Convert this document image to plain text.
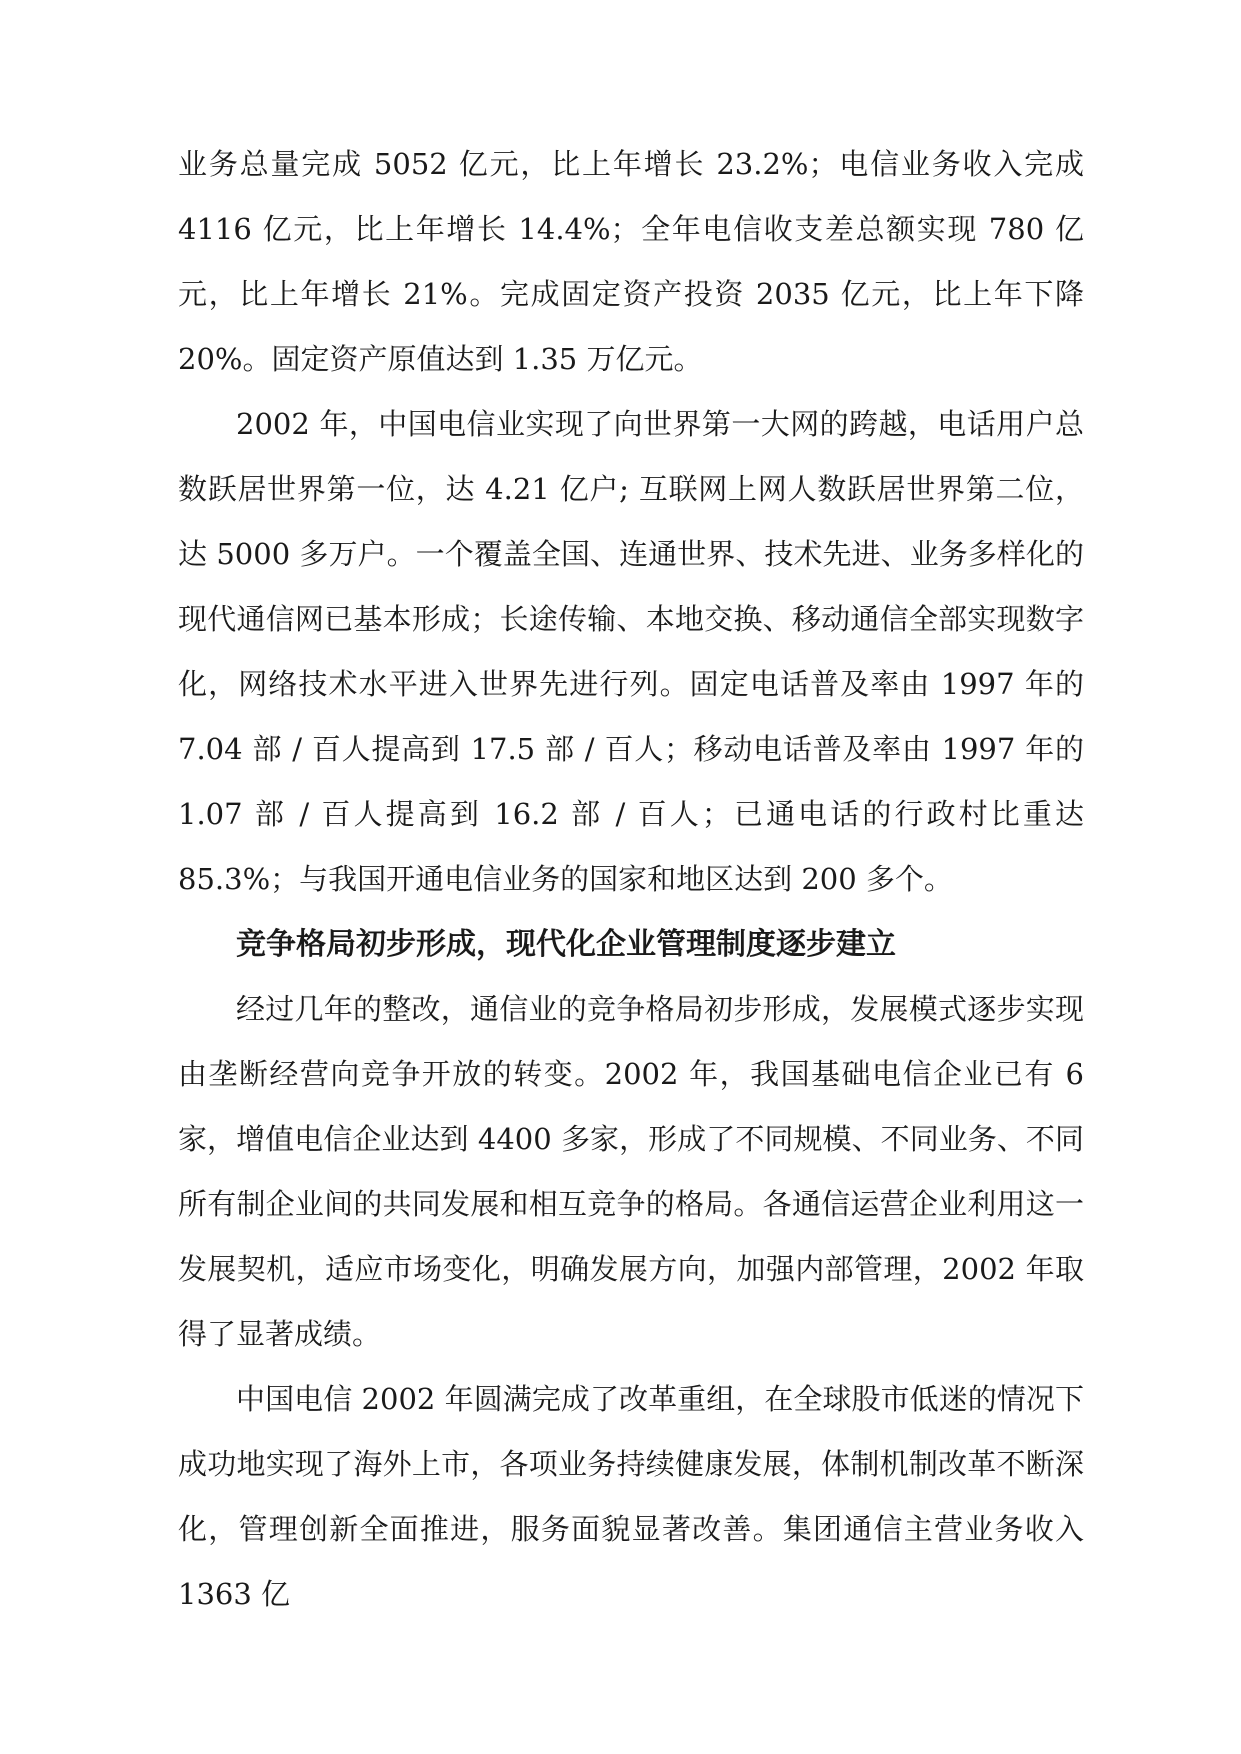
业务总量完成 5052 亿元，比上年增长 23.2%；电信业务收入完成 4116 亿元，比上年增长 14.4%；全年电信收支差总额实现 780 亿元，比上年增长 21%。完成固定资产投资 2035 亿元，比上年下降 20%。固定资产原值达到 1.35 万亿元。

2002 年，中国电信业实现了向世界第一大网的跨越，电话用户总数跃居世界第一位，达 4.21 亿户; 互联网上网人数跃居世界第二位，达 5000 多万户。一个覆盖全国、连通世界、技术先进、业务多样化的现代通信网已基本形成；长途传输、本地交换、移动通信全部实现数字化，网络技术水平进入世界先进行列。固定电话普及率由 1997 年的 7.04 部 / 百人提高到 17.5 部 / 百人；移动电话普及率由 1997 年的 1.07 部 / 百人提高到 16.2 部 / 百人；已通电话的行政村比重达 85.3%；与我国开通电信业务的国家和地区达到 200 多个。

竞争格局初步形成，现代化企业管理制度逐步建立

经过几年的整改，通信业的竞争格局初步形成，发展模式逐步实现由垄断经营向竞争开放的转变。2002 年，我国基础电信企业已有 6 家，增值电信企业达到 4400 多家，形成了不同规模、不同业务、不同所有制企业间的共同发展和相互竞争的格局。各通信运营企业利用这一发展契机，适应市场变化，明确发展方向，加强内部管理，2002 年取得了显著成绩。

中国电信 2002 年圆满完成了改革重组，在全球股市低迷的情况下成功地实现了海外上市，各项业务持续健康发展，体制机制改革不断深化，管理创新全面推进，服务面貌显著改善。集团通信主营业务收入 1363 亿
